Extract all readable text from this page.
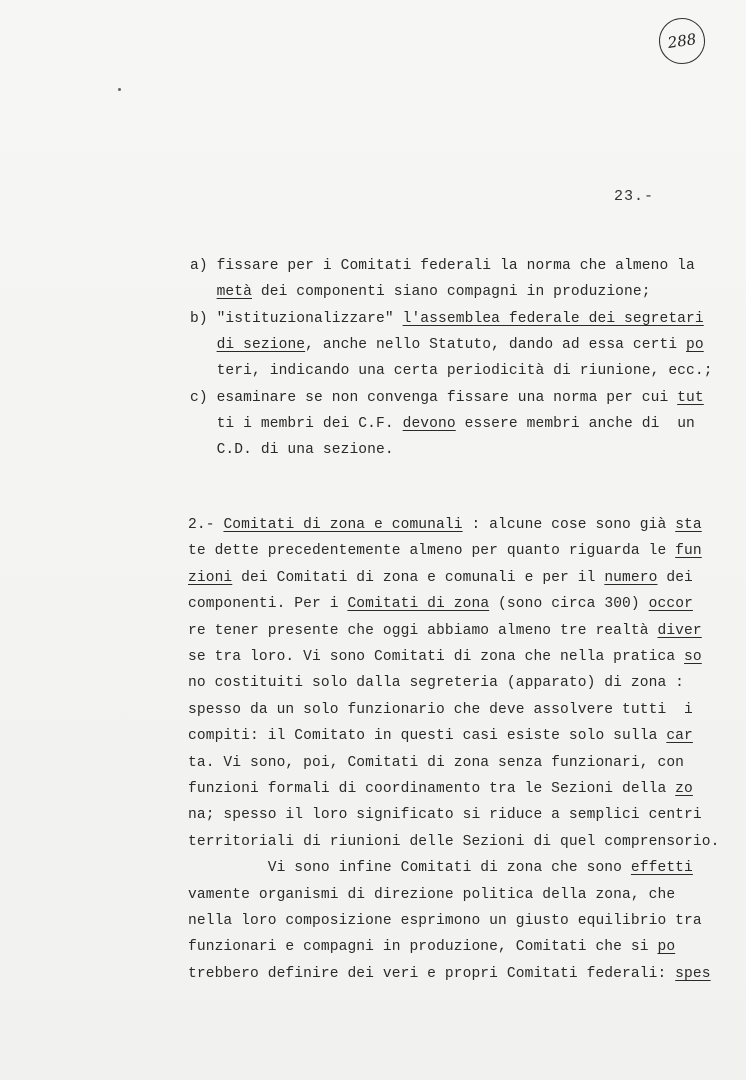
288
23.-
a) fissare per i Comitati federali la norma che almeno la
metà dei componenti siano compagni in produzione;
b) "istituzionalizzare" l'assemblea federale dei segretari
di sezione, anche nello Statuto, dando ad essa certi po
teri, indicando una certa periodicità di riunione, ecc.;
c) esaminare se non convenga fissare una norma per cui tut
ti i membri dei C.F. devono essere membri anche di  un
C.D. di una sezione.
2.- Comitati di zona e comunali : alcune cose sono già sta
te dette precedentemente almeno per quanto riguarda le fun
zioni dei Comitati di zona e comunali e per il numero dei
componenti. Per i Comitati di zona (sono circa 300) occor
re tener presente che oggi abbiamo almeno tre realtà diver
se tra loro. Vi sono Comitati di zona che nella pratica so
no costituiti solo dalla segreteria (apparato) di zona :
spesso da un solo funzionario che deve assolvere tutti  i
compiti: il Comitato in questi casi esiste solo sulla car
ta. Vi sono, poi, Comitati di zona senza funzionari, con
funzioni formali di coordinamento tra le Sezioni della zo
na; spesso il loro significato si riduce a semplici centri
territoriali di riunioni delle Sezioni di quel comprensorio.
Vi sono infine Comitati di zona che sono effetti
vamente organismi di direzione politica della zona, che
nella loro composizione esprimono un giusto equilibrio tra
funzionari e compagni in produzione, Comitati che si po
trebbero definire dei veri e propri Comitati federali: spes
